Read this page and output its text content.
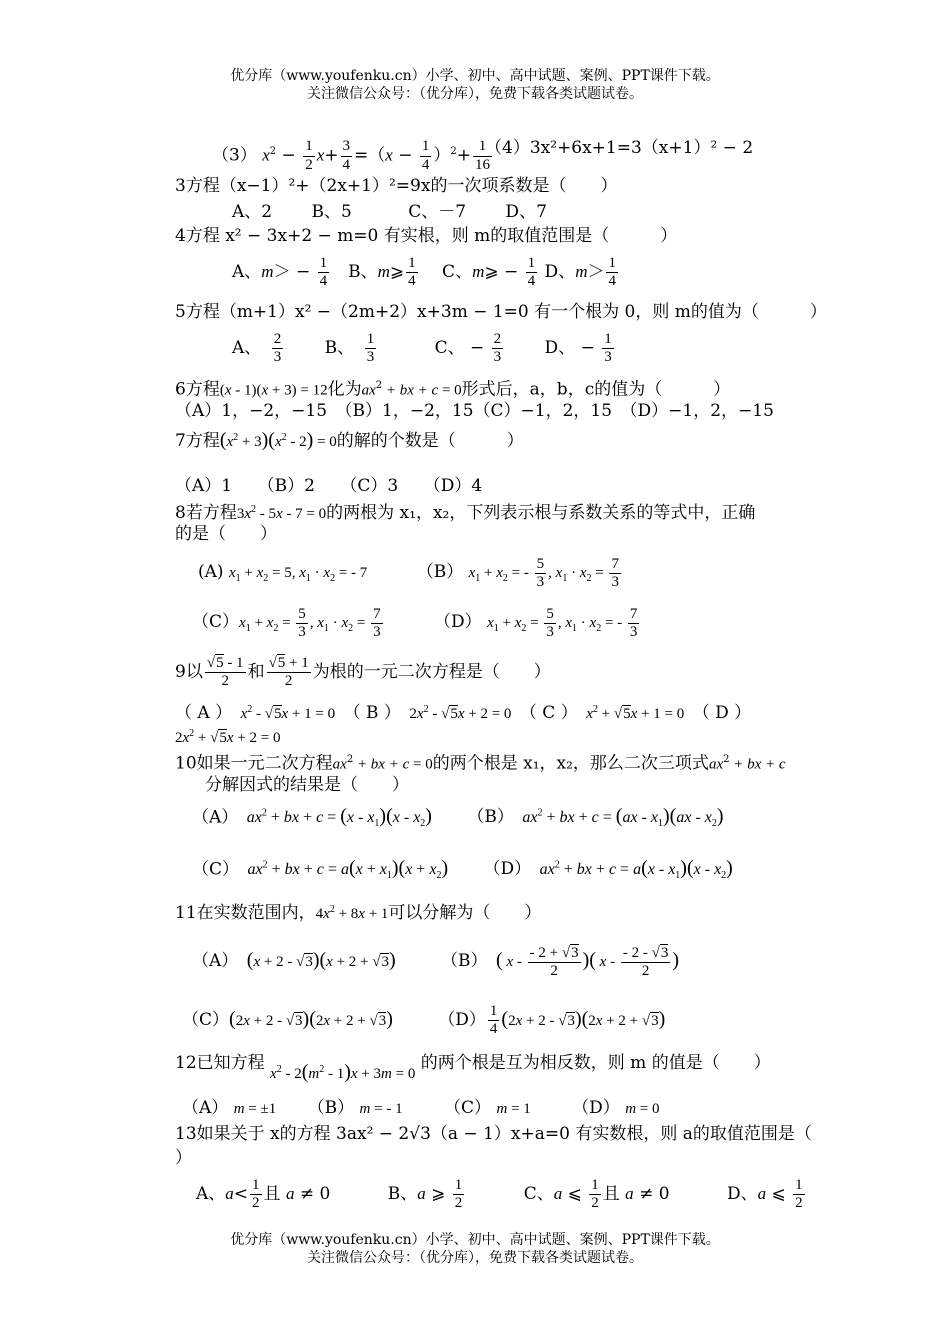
优分库（www.youfenku.cn）小学、初中、高中试题、案例、PPT课件下载。
关注微信公众号：（优分库），免费下载各类试题试卷。
（3） $x^2 - \frac{1}{2} x+ \frac{3}{4} =(x - \frac{1}{4} )^2+ \frac{1}{16}$
（4）3x²+6x+1=3（x+1）² − 2
3方程（x−1）²+（2x+1）²=9x的一次项系数是（　　）
A、2　　 B、5　　　 C、－7　　 D、7
4方程 x² − 3x+2 − m=0 有实根，则 m的取值范围是（　　　）
A、$m> - \frac{1}{4}$ 　B、m⩾ $\frac{1}{4}$ 　 C、m⩾ − $\frac{1}{4}$ D、$m> \frac{1}{4}$
5方程（m+1）x² −（2m+2）x+3m − 1=0 有一个根为 0，则 m的值为（　　　）
A、　 $\frac{2}{3}$ 　　 B、　 $\frac{1}{3}$ 　　　 C、 − $\frac{2}{3}$ 　　 D、 − $\frac{1}{3}$
6方程(x - 1)(x + 3) = 12化为$ax^2$ + bx + c = 0形式后，a，b，c的值为（　　　）
（A）1，−2，−15　（B）1，−2，15（C）−1，2，15　（D）−1，2，−15
7方程$(x^2 + 3)(x^2 - 2) = 0$的解的个数是（　　　）
（A）1　　（B）2　　（C）3　　（D）4
8若方程$3x^2 - 5x - 7 = 0$的两根为 x₁，x₂，下列表示根与系数关系的等式中，正确
的是（　　）
(A) $x_1 + x_2 = 5$, $x_1 \cdot x_2$ = - 7	（B） $x_1 + x_2$ = - $\frac{5}{3}$ , $x_1 \cdot x_2 = \frac{7}{3}$
$(C)x_1 + x_2 = \frac{5}{3}$ , $x_1 \cdot x_2 = \frac{7}{3}$	（D） $x_1 + x_2 = \frac{5}{3}$ , $x_1 \cdot x_2$ = - $\frac{7}{3}$
9以 $\frac{√5 - 1}{2}$ 和 $\frac{√5 + 1}{2}$ 为根的一元二次方程是（　　）
（ A ）　$x^2 - √5x + 1 = 0$　（ B ）　$2x^2 - √5x + 2 = 0$　（ C ）　$x^2 + √5x + 1 = 0$　（ D ）
$2x^2 + √5x + 2 = 0$
10如果一元二次方程$ax^2$ + bx + c = 0的两个根是 x₁，x₂，那么二次三项式$ax^2$ + bx + c
分解因式的结果是（　　）
（A）　$ax^2$ + bx + $c = (x - x_1)(x - x_2)$ （B）　 $ax^2$ + bx + $c = (ax - x_1)(ax - x_2)$
（C）　$ax^2$ + bx + $c = a(x + x_1)(x + x_2)$ （D）　 $ax^2$ + bx + $c = a(x - x_1)(x - x_2)$
11在实数范围内，$4x^2 + 8x + 1$可以分解为（　　）
（A）　(x + 2 - √3)(x + 2 + √3)	（B）　 ( x - $\frac{- 2 + √3}{2}$ )( x - $\frac{- 2 - √3}{2}$ )
（C）(2x + 2 - √3)(2x + 2 + √3)	$(D) \frac{1}{4} (2x + 2 - √3)(2x + 2 + √3)$
12已知方程 $x^2 - 2(m^2 - 1)x + 3m = 0$ 的两个根是互为相反数，则 m 的值是（　　）
（A） m = ±1 （B） m = - 1 （C） m = 1 （D） m = 0
13如果关于 x的方程 3ax² − 2√3（a − 1）x+a=0 有实数根，则 a的取值范围是（
）
A、$a< \frac{1}{2}$ 且 a ≠ 0	B、a ⩾ $\frac{1}{2}$	C、a ⩽ $\frac{1}{2}$ 且 a ≠ 0	D、a ⩽ $\frac{1}{2}$
优分库（www.youfenku.cn）小学、初中、高中试题、案例、PPT课件下载。
关注微信公众号：（优分库），免费下载各类试题试卷。
